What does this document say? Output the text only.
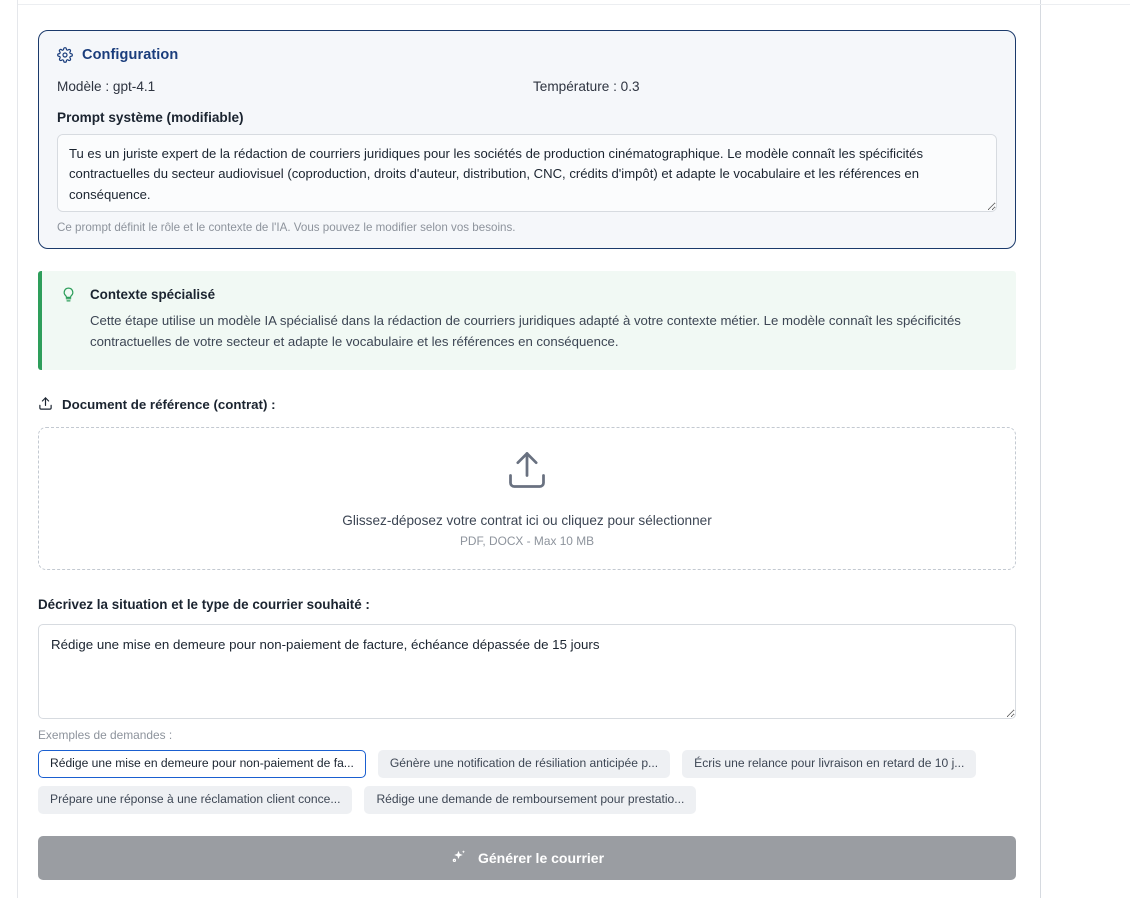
Configuration
Modèle : gpt-4.1	Température : 0.3
Prompt système (modifiable)
Tu es un juriste expert de la rédaction de courriers juridiques pour les sociétés de production cinématographique. Le modèle connaît les spécificités contractuelles du secteur audiovisuel (coproduction, droits d'auteur, distribution, CNC, crédits d'impôt) et adapte le vocabulaire et les références en conséquence.
Ce prompt définit le rôle et le contexte de l'IA. Vous pouvez le modifier selon vos besoins.
Contexte spécialisé
Cette étape utilise un modèle IA spécialisé dans la rédaction de courriers juridiques adapté à votre contexte métier. Le modèle connaît les spécificités contractuelles de votre secteur et adapte le vocabulaire et les références en conséquence.
Document de référence (contrat) :
Glissez-déposez votre contrat ici ou cliquez pour sélectionner
PDF, DOCX - Max 10 MB
Décrivez la situation et le type de courrier souhaité :
Rédige une mise en demeure pour non-paiement de facture, échéance dépassée de 15 jours
Exemples de demandes :
Rédige une mise en demeure pour non-paiement de fa...	Génère une notification de résiliation anticipée p...	Écris une relance pour livraison en retard de 10 j...
Prépare une réponse à une réclamation client conce...	Rédige une demande de remboursement pour prestatio...
Générer le courrier
